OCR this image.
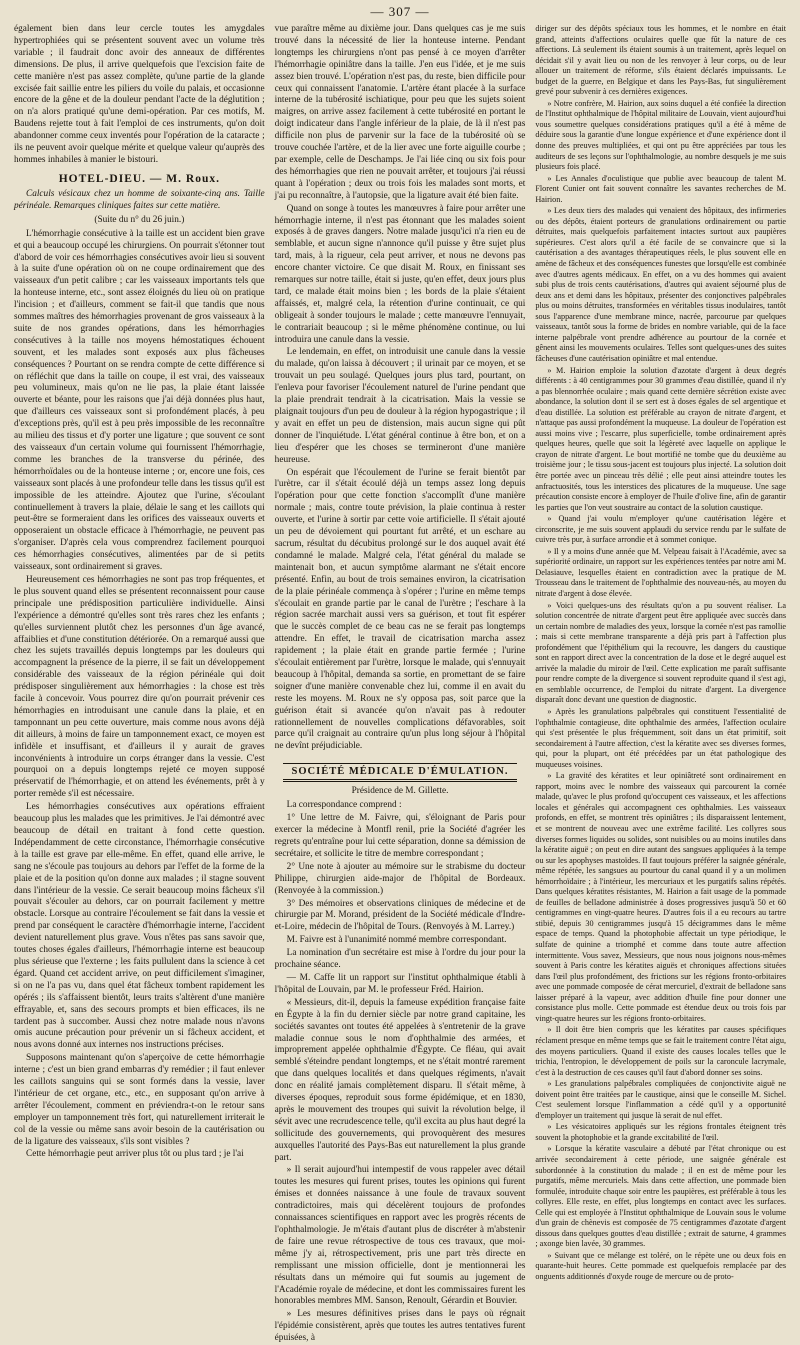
— 307 —

également bien dans leur cercle toutes les amygdales hypertrophiées qui se présentent souvent avec un volume très variable ; il faudrait donc avoir des anneaux de différentes dimensions. De plus, il arrive quelquefois que l'excision faite de cette manière n'est pas assez complète, qu'une partie de la glande excisée fait saillie entre les piliers du voile du palais, et occasionne encore de la gêne et de la douleur pendant l'acte de la déglutition ; on n'a alors pratiqué qu'une demi-opération. Par ces motifs, M. Baudens rejette tout à fait l'emploi de ces instruments, qu'on doit abandonner comme ceux inventés pour l'opération de la cataracte ; ils ne peuvent avoir quelque mérite et quelque valeur qu'auprès des hommes inhabiles à manier le bistouri.

HOTEL-DIEU. — M. Roux.

Calculs vésicaux chez un homme de soixante-cinq ans. Taille périnéale. Remarques cliniques faites sur cette matière.

(Suite du n° du 26 juin.)

L'hémorrhagie consécutive à la taille est un accident bien grave et qui a beaucoup occupé les chirurgiens. On pourrait s'étonner tout d'abord de voir ces hémorrhagies consécutives avoir lieu si souvent à la suite d'une opération où on ne coupe ordinairement que des vaisseaux d'un petit calibre ; car les vaisseaux importants tels que la honteuse interne, etc., sont assez éloignés du lieu où on pratique l'incision ; et d'ailleurs, comment se fait-il que tandis que nous sommes maîtres des hémorrhagies provenant de gros vaisseaux à la suite de nos grandes opérations, dans les hémorrhagies consécutives à la taille nos moyens hémostatiques échouent souvent, et les malades sont exposés aux plus fâcheuses conséquences ? Pourtant on se rendra compte de cette différence si on réfléchit que dans la taille on coupe, il est vrai, des vaisseaux peu volumineux, mais qu'on ne lie pas, la plaie étant laissée ouverte et béante, pour les raisons que j'ai déjà données plus haut, que d'ailleurs ces vaisseaux sont si profondément placés, à peu d'exceptions près, qu'il est à peu près impossible de les reconnaître au milieu des tissus et d'y porter une ligature ; que souvent ce sont des vaisseaux d'un certain volume qui fournissent l'hémorrhagie, comme les branches de la transverse du périnée, des hémorrhoïdales ou de la honteuse interne ; or, encore une fois, ces vaisseaux sont placés à une profondeur telle dans les tissus qu'il est impossible de les atteindre. Ajoutez que l'urine, s'écoulant continuellement à travers la plaie, délaie le sang et les caillots qui peut-être se formeraient dans les orifices des vaisseaux ouverts et opposeraient un obstacle efficace à l'hémorrhagie, ne peuvent pas s'organiser. D'après cela vous comprendrez facilement pourquoi ces hémorrhagies consécutives, alimentées par de si petits vaisseaux, sont ordinairement si graves.

Heureusement ces hémorrhagies ne sont pas trop fréquentes, et le plus souvent quand elles se présentent reconnaissent pour cause principale une prédisposition particulière individuelle. Ainsi l'expérience a démontré qu'elles sont très rares chez les enfants ; qu'elles surviennent plutôt chez les personnes d'un âge avancé, affaiblies et d'une constitution détériorée. On a remarqué aussi que chez les sujets travaillés depuis longtemps par les douleurs qui accompagnent la présence de la pierre, il se fait un développement considérable des vaisseaux de la région périnéale qui doit prédisposer singulièrement aux hémorrhagies : la chose est très facile à concevoir. Vous pourrez dire qu'on pourrait prévenir ces hémorrhagies en introduisant une canule dans la plaie, et en tamponnant un peu cette ouverture, mais comme nous avons déjà dit ailleurs, à moins de faire un tamponnement exact, ce moyen est infidèle et insuffisant, et d'ailleurs il y aurait de graves inconvénients à introduire un corps étranger dans la vessie. C'est pourquoi on a depuis longtemps rejeté ce moyen supposé préservatif de l'hémorrhagie, et on attend les événements, prêt à y porter remède s'il est nécessaire.

Les hémorrhagies consécutives aux opérations effraient beaucoup plus les malades que les primitives. Je l'ai démontré avec beaucoup de détail en traitant à fond cette question. Indépendamment de cette circonstance, l'hémorrhagie consécutive à la taille est grave par elle-même. En effet, quand elle arrive, le sang ne s'écoule pas toujours au dehors par l'effet de la forme de la plaie et de la position qu'on donne aux malades ; il stagne souvent dans l'intérieur de la vessie. Ce serait beaucoup moins fâcheux s'il pouvait s'écouler au dehors, car on pourrait facilement y mettre obstacle. Lorsque au contraire l'écoulement se fait dans la vessie et prend par conséquent le caractère d'hémorrhagie interne, l'accident devient naturellement plus grave. Vous n'êtes pas sans savoir que, toutes choses égales d'ailleurs, l'hémorrhagie interne est beaucoup plus sérieuse que l'externe ; les faits pullulent dans la science à cet égard. Quand cet accident arrive, on peut difficilement s'imaginer, si on ne l'a pas vu, dans quel état fâcheux tombent rapidement les opérés ; ils s'affaissent bientôt, leurs traits s'altèrent d'une manière effrayable, et, sans des secours prompts et bien efficaces, ils ne tardent pas à succomber. Aussi chez notre malade nous n'avons omis aucune précaution pour prévenir un si fâcheux accident, et nous avons donné aux internes nos instructions précises.

Supposons maintenant qu'on s'aperçoive de cette hémorrhagie interne ; c'est un bien grand embarras d'y remédier ; il faut enlever les caillots sanguins qui se sont formés dans la vessie, laver l'intérieur de cet organe, etc., etc., en supposant qu'on arrive à arrêter l'écoulement, comment en préviendra-t-on le retour sans employer un tamponnement très fort, qui naturellement irriterait le col de la vessie ou même sans avoir besoin de la cautérisation ou de la ligature des vaisseaux, s'ils sont visibles ?

Cette hémorrhagie peut arriver plus tôt ou plus tard ; je l'ai

vue paraître même au dixième jour. Dans quelques cas je me suis trouvé dans la nécessité de lier la honteuse interne. Pendant longtemps les chirurgiens n'ont pas pensé à ce moyen d'arrêter l'hémorrhagie opiniâtre dans la taille. J'en eus l'idée, et je me suis assez bien trouvé. L'opération n'est pas, du reste, bien difficile pour ceux qui connaissent l'anatomie. L'artère étant placée à la surface interne de la tubérosité ischiatique, pour peu que les sujets soient maigres, on arrive assez facilement à cette tubérosité en portant le doigt indicateur dans l'angle inférieur de la plaie, de là il n'est pas difficile non plus de parvenir sur la face de la tubérosité où se trouve couchée l'artère, et de la lier avec une forte aiguille courbe ; par exemple, celle de Deschamps. Je l'ai liée cinq ou six fois pour des hémorrhagies que rien ne pouvait arrêter, et toujours j'ai réussi quant à l'opération ; deux ou trois fois les malades sont morts, et j'ai pu reconnaître, à l'autopsie, que la ligature avait été bien faite.

Quand on songe à toutes les manœuvres à faire pour arrêter une hémorrhagie interne, il n'est pas étonnant que les malades soient exposés à de graves dangers. Notre malade jusqu'ici n'a rien eu de semblable, et aucun signe n'annonce qu'il puisse y être sujet plus tard, mais, à la rigueur, cela peut arriver, et nous ne devons pas encore chanter victoire. Ce que disait M. Roux, en finissant ses remarques sur notre taille, était si juste, qu'en effet, deux jours plus tard, ce malade était moins bien ; les bords de la plaie s'étaient affaissés, et, malgré cela, la rétention d'urine continuait, ce qui obligeait à sonder toujours le malade ; cette manœuvre l'ennuyait, le contrariait beaucoup ; si le même phénomène continue, ou lui introduira une canule dans la vessie.

Le lendemain, en effet, on introduisit une canule dans la vessie du malade, qu'on laissa à découvert ; il urinait par ce moyen, et se trouvait un peu soulagé. Quelques jours plus tard, pourtant, on l'enleva pour favoriser l'écoulement naturel de l'urine pendant que la plaie prendrait tendrait à la cicatrisation. Mais la vessie se plaignait toujours d'un peu de douleur à la région hypogastrique ; il y avait en effet un peu de distension, mais aucun signe qui pût donner de l'inquiétude. L'état général continue à être bon, et on a lieu d'espérer que les choses se termineront d'une manière heureuse.

On espérait que l'écoulement de l'urine se ferait bientôt par l'urètre, car il s'était écoulé déjà un temps assez long depuis l'opération pour que cette fonction s'accomplît d'une manière normale ; mais, contre toute prévision, la plaie continua à rester ouverte, et l'urine à sortir par cette voie artificielle. Il s'était ajouté un peu de dévoiement qui pourtant fut arrêté, et un eschare au sacrum, résultat du décubitus prolongé sur le dos auquel avait été condamné le malade. Malgré cela, l'état général du malade se maintenait bon, et aucun symptôme alarmant ne s'était encore présenté. Enfin, au bout de trois semaines environ, la cicatrisation de la plaie périnéale commença à s'opérer ; l'urine en même temps s'écoulait en grande partie par le canal de l'urètre ; l'eschare à la région sacrée marchait aussi vers sa guérison, et tout fit espérer que le succès complet de ce beau cas ne se ferait pas longtemps attendre. En effet, le travail de cicatrisation marcha assez rapidement ; la plaie était en grande partie fermée ; l'urine s'écoulait entièrement par l'urètre, lorsque le malade, qui s'ennuyait beaucoup à l'hôpital, demanda sa sortie, en promettant de se faire soigner d'une manière convenable chez lui, comme il en avait du reste les moyens. M. Roux ne s'y opposa pas, soit parce que la guérison était si avancée qu'on n'avait pas à redouter rationnellement de nouvelles complications défavorables, soit parce qu'il craignait au contraire qu'un plus long séjour à l'hôpital ne devînt préjudiciable.

SOCIÉTÉ MÉDICALE D'ÉMULATION.
Présidence de M. Gillette.

La correspondance comprend :

1° Une lettre de M. Faivre, qui, s'éloignant de Paris pour exercer la médecine à Montfl renil, prie la Société d'agréer les regrets qu'entraîne pour lui cette séparation, donne sa démission de secrétaire, et sollicite le titre de membre correspondant ;

2° Une note à ajouter au mémoire sur le strabisme du docteur Philippe, chirurgien aide-major de l'hôpital de Bordeaux. (Renvoyée à la commission.)

3° Des mémoires et observations cliniques de médecine et de chirurgie par M. Morand, président de la Société médicale d'Indre-et-Loire, médecin de l'hôpital de Tours. (Renvoyés à M. Larrey.)

M. Faivre est à l'unanimité nommé membre correspondant.

La nomination d'un secrétaire est mise à l'ordre du jour pour la prochaine séance.

— M. Caffe lit un rapport sur l'institut ophthalmique établi à l'hôpital de Louvain, par M. le professeur Fréd. Hairion.

« Messieurs, dit-il, depuis la fameuse expédition française faite en Égypte à la fin du dernier siècle par notre grand capitaine, les sociétés savantes ont toutes été appelées à s'entretenir de la grave maladie connue sous le nom d'ophthalmie des armées, et improprement appelée ophthalmie d'Égypte. Ce fléau, qui avait semblé s'éteindre pendant longtemps, et ne s'était montré rarement que dans quelques localités et dans quelques régiments, n'avait donc en réalité jamais complètement disparu. Il s'était même, à diverses époques, reproduit sous forme épidémique, et en 1830, après le mouvement des troupes qui suivit la révolution belge, il sévit avec une recrudescence telle, qu'il excita au plus haut degré la sollicitude des gouvernements, qui provoquèrent des mesures auxquelles l'autorité des Pays-Bas eut naturellement la plus grande part.

» Il serait aujourd'hui intempestif de vous rappeler avec détail toutes les mesures qui furent prises, toutes les opinions qui furent émises et données naissance à une foule de travaux souvent contradictoires, mais qui décelèrent toujours de profondes connaissances scientifiques en rapport avec les progrès récents de l'ophthalmologie. Je m'étais d'autant plus de discréter à m'abstenir de faire une revue rétrospective de tous ces travaux, que moi-même j'y ai, rétrospectivement, pris une part très directe en remplissant une mission officielle, dont je mentionnerai les résultats dans un mémoire qui fut soumis au jugement de l'Académie royale de médecine, et dont les commissaires furent les honorables membres MM. Sanson, Renoult, Gérardin et Bouvier.

» Les mesures définitives prises dans le pays où régnait l'épidémie consistèrent, après que toutes les autres tentatives furent épuisées, à

diriger sur des dépôts spéciaux tous les hommes, et le nombre en était grand, atteints d'affections oculaires quelle que fût la nature de ces affections. Là seulement ils étaient soumis à un traitement, après lequel on décidait s'il y avait lieu ou non de les renvoyer à leur corps, ou de leur allouer un traitement de réforme, s'ils étaient déclarés impuissants. Le budget de la guerre, en Belgique et dans les Pays-Bas, fut singulièrement grevé pour subvenir à ces dernières exigences.

» Notre confrère, M. Hairion, aux soins duquel a été confiée la direction de l'Institut ophthalmique de l'hôpital militaire de Louvain, vient aujourd'hui vous soumettre quelques considérations pratiques qu'il a été à même de déduire sous la garantie d'une longue expérience et d'une expérience dont il donne des preuves multipliées, et qui ont pu être appréciées par tous les auditeurs de ses leçons sur l'ophthalmologie, au nombre desquels je me suis plusieurs fois placé.

» Les Annales d'oculistique que publie avec beaucoup de talent M. Florent Cunier ont fait souvent connaître les savantes recherches de M. Hairion.

» Les deux tiers des malades qui venaient des hôpitaux, des infirmeries ou des dépôts, étaient porteurs de granulations ordinairement ou partie détruites, mais quelquefois parfaitement intactes surtout aux paupières supérieures. C'est alors qu'il a été facile de se convaincre que si la cautérisation a des avantages thérapeutiques réels, le plus souvent elle en amène de fâcheux et des conséquences funestes que lorsqu'elle est combinée avec d'autres agents médicaux. En effet, on a vu des hommes qui avaient subi plus de trois cents cautérisations, d'autres qui avaient séjourné plus de deux ans et demi dans les hôpitaux, présenter des conjonctives palpébrales plus ou moins détruites, transformées en véritables tissus inodulaires, tantôt sous l'apparence d'une membrane mince, nacrée, parcourue par quelques vaisseaux, tantôt sous la forme de brides en nombre variable, qui de la face interne palpébrale vont prendre adhérence au pourtour de la cornée et gênent ainsi les mouvements oculaires. Telles sont quelques-unes des suites fâcheuses d'une cautérisation opiniâtre et mal entendue.

» M. Hairion emploie la solution d'azotate d'argent à deux degrés différents : à 40 centigrammes pour 30 grammes d'eau distillée, quand il n'y a pas blennorrhée oculaire ; mais quand cette dernière sécrétion existe avec abondance, la solution dont il se sert est à doses égales de sel argentique et d'eau distillée. La solution est préférable au crayon de nitrate d'argent, et n'attaque pas aussi profondément la muqueuse. La douleur de l'opération est aussi moins vive ; l'escarre, plus superficielle, tombe ordinairement après quelques heures, quelle que soit la légèreté avec laquelle on applique le crayon de nitrate d'argent. Le bout mortifié ne tombe que du deuxième au troisième jour ; le tissu sous-jacent est toujours plus injecté. La solution doit être portée avec un pinceau très délié ; elle peut ainsi atteindre toutes les anfractuosités, tous les interstices des plicatures de la muqueuse. Une sage précaution consiste encore à employer de l'huile d'olive fine, afin de garantir les parties que l'on veut soustraire au contact de la solution caustique.

» Quand j'ai voulu m'employer qu'une cautérisation légère et circonscrite, je me suis souvent applaudi du service rendu par le sulfate de cuivre très pur, à surface arrondie et à sommet conique.

» Il y a moins d'une année que M. Velpeau faisait à l'Académie, avec sa supériorité ordinaire, un rapport sur les expériences tentées par notre ami M. Delasiauve, lesquelles étaient en contradiction avec la pratique de M. Trousseau dans le traitement de l'ophthalmie des nouveau-nés, au moyen du nitrate d'argent à dose élevée.

» Voici quelques-uns des résultats qu'on a pu souvent réaliser. La solution concentrée de nitrate d'argent peut être appliquée avec succès dans un certain nombre de maladies des yeux, lorsque la cornée n'est pas ramollie ; mais si cette membrane transparente a déjà pris part à l'affection plus profondément que l'épithélium qui la recouvre, les dangers du caustique sont en rapport direct avec la concentration de la dose et le degré auquel est arrivée la maladie du miroir de l'œil. Cette explication me paraît suffisante pour rendre compte de la divergence si souvent reproduite quand il s'est agi, en semblable occurrence, de l'emploi du nitrate d'argent. La divergence disparaît donc devant une question de diagnostic.

» Après les granulations palpébrales qui constituent l'essentialité de l'ophthalmie contagieuse, dite ophthalmie des armées, l'affection oculaire qui s'est présentée le plus fréquemment, soit dans un état primitif, soit secondairement à l'autre affection, c'est la kératite avec ses diverses formes, qui, pour la plupart, ont été précédées par un état pathologique des muqueuses voisines.

» La gravité des kératites et leur opiniâtreté sont ordinairement en rapport, moins avec le nombre des vaisseaux qui parcourent la cornée malade, qu'avec le plus profond qu'occupent ces vaisseaux, et les affections locales et générales qui accompagnent ces ophthalmies. Les vaisseaux profonds, en effet, se montrent très opiniâtres ; ils disparaissent lentement, et se montrent de nouveau avec une extrême facilité. Les collyres sous diverses formes liquides ou solides, sont nuisibles ou au moins inutiles dans la kératite aiguë ; on peut en dire autant des sangsues appliquées à la tempe ou sur les apophyses mastoïdes. Il faut toujours préférer la saignée générale, même répétée, les sangsues au pourtour du canal quand il y a un molimen hémorrhoïdaire ; à l'intérieur, les mercuriaux et les purgatifs salins répétés. Dans quelques kératites résistantes, M. Hairion a fait usage de la pommade de feuilles de belladone administrée à doses progressives jusqu'à 50 et 60 centigrammes en vingt-quatre heures. D'autres fois il a eu recours au tartre stibié, depuis 30 centigrammes jusqu'à 15 décigrammes dans le même espace de temps. Quand la photophobie affectait un type périodique, le sulfate de quinine a triomphé et comme dans toute autre affection intermittente. Vous savez, Messieurs, que nous nous joignons nous-mêmes souvent à Paris contre les kératites aiguës et chroniques affections situées dans l'œil plus profondément, des frictions sur les régions fronto-orbitaires avec une pommade composée de cérat mercuriel, d'extrait de belladone sans laisser préparé à la vapeur, avec addition d'huile fine pour donner une consistance plus molle. Cette pommade est étendue deux ou trois fois par vingt-quatre heures sur les régions fronto-orbitaires.

» Il doit être bien compris que les kératites par causes spécifiques réclament presque en même temps que se fait le traitement contre l'état aigu, des moyens particuliers. Quand il existe des causes locales telles que le trichia, l'entropion, le développement de poils sur la caroncule lacrymale, c'est à la destruction de ces causes qu'il faut d'abord donner ses soins.

» Les granulations palpébrales compliquées de conjonctivite aiguë ne doivent point être traitées par le caustique, ainsi que le conseille M. Sichel. C'est seulement lorsque l'inflammation a cédé qu'il y a opportunité d'employer un traitement qui jusque là serait de nul effet.

» Les vésicatoires appliqués sur les régions frontales éteignent très souvent la photophobie et la grande excitabilité de l'œil.

» Lorsque la kératite vasculaire a débuté par l'état chronique ou est arrivée secondairement à cette période, une saignée générale est subordonnée à la constitution du malade ; il en est de même pour les purgatifs, même mercuriels. Mais dans cette affection, une pommade bien formulée, introduite chaque soir entre les paupières, est préférable à tous les collyres. Elle reste, en effet, plus longtemps en contact avec les surfaces. Celle qui est employée à l'Institut ophthalmique de Louvain sous le volume d'un grain de chènevis est composée de 75 centigrammes d'azotate d'argent dissous dans quelques gouttes d'eau distillée ; extrait de saturne, 4 grammes ; axonge bien lavée, 30 grammes.

» Suivant que ce mélange est toléré, on le répète une ou deux fois en quarante-huit heures. Cette pommade est quelquefois remplacée par des onguents additionnés d'oxyde rouge de mercure ou de proto-
